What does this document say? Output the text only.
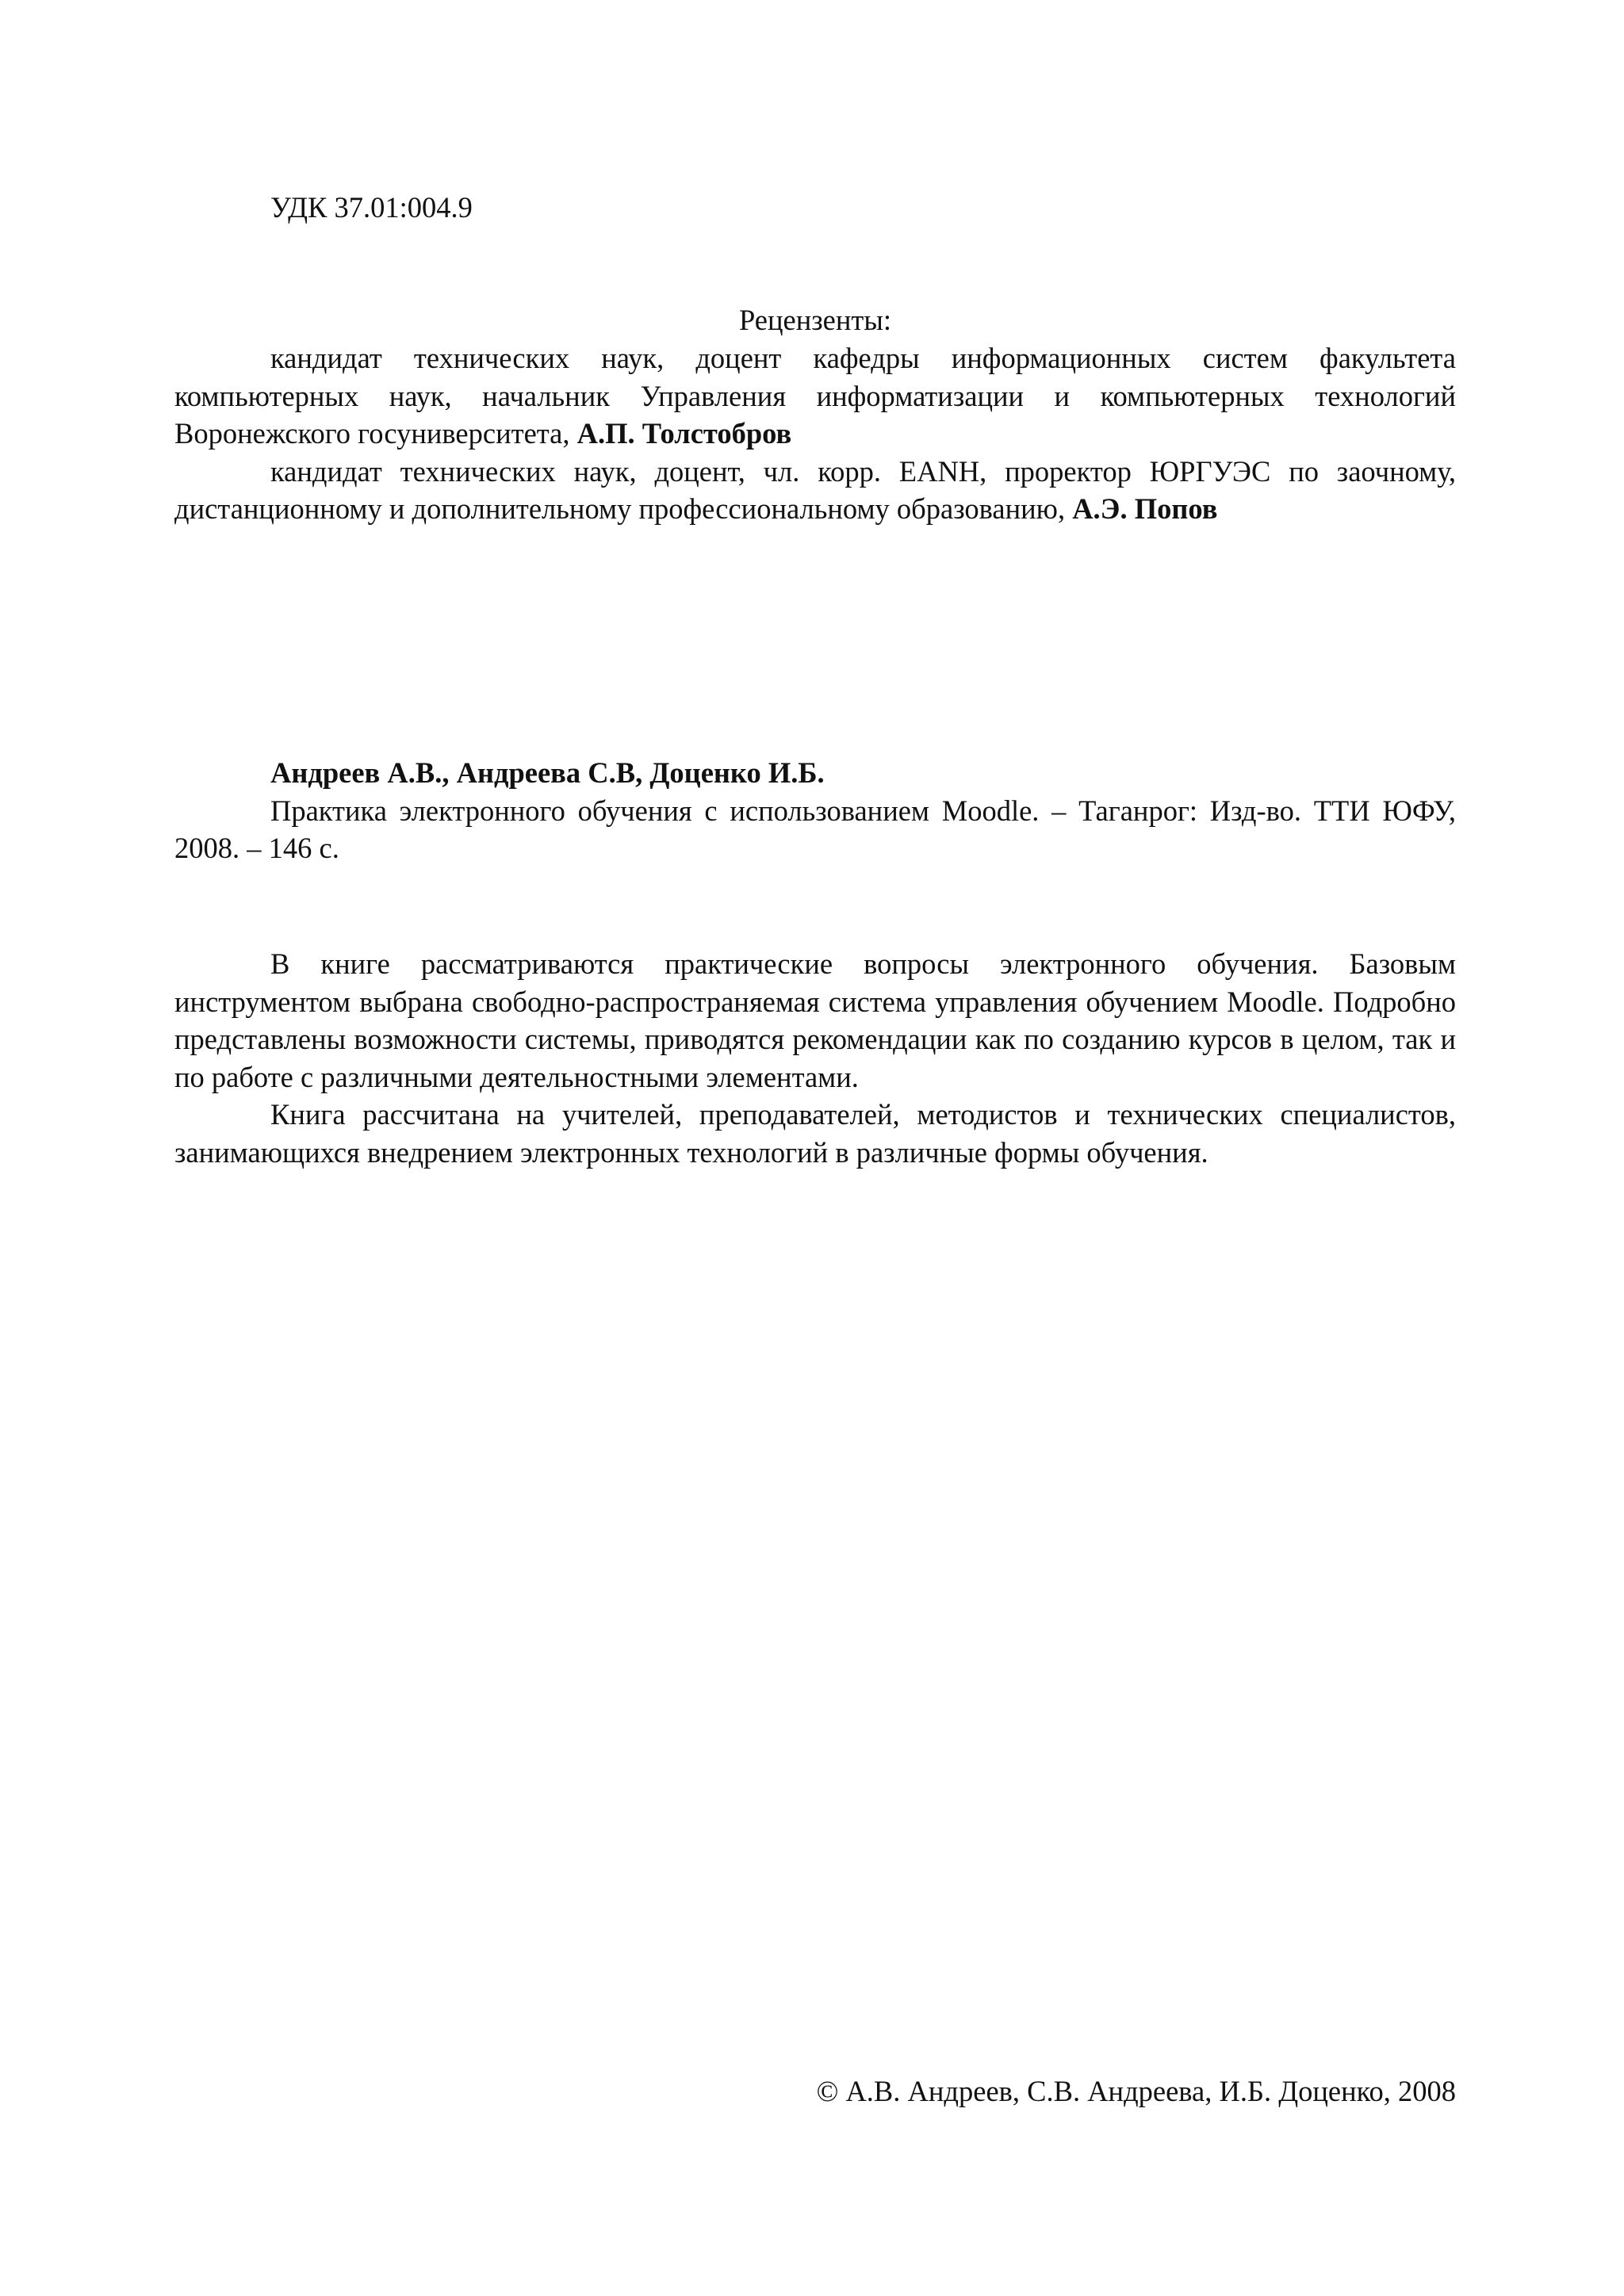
УДК 37.01:004.9
Рецензенты:

кандидат технических наук, доцент кафедры информационных систем факультета компьютерных наук, начальник Управления информатизации и компьютерных технологий Воронежского госуниверситета, А.П. Толстобров

кандидат технических наук, доцент, чл. корр. EANH, проректор ЮРГУЭС по заочному, дистанционному и дополнительному профессиональному образованию, А.Э. Попов

Андреев А.В., Андреева С.В, Доценко И.Б.

Практика электронного обучения с использованием Moodle. – Таганрог: Изд-во. ТТИ ЮФУ, 2008. – 146 с.

В книге рассматриваются практические вопросы электронного обучения. Базовым инструментом выбрана свободно-распространяемая система управления обучением Moodle. Подробно представлены возможности системы, приводятся рекомендации как по созданию курсов в целом, так и по работе с различными деятельностными элементами.

Книга рассчитана на учителей, преподавателей, методистов и технических специалистов, занимающихся внедрением электронных технологий в различные формы обучения.

© А.В. Андреев, С.В. Андреева, И.Б. Доценко, 2008
